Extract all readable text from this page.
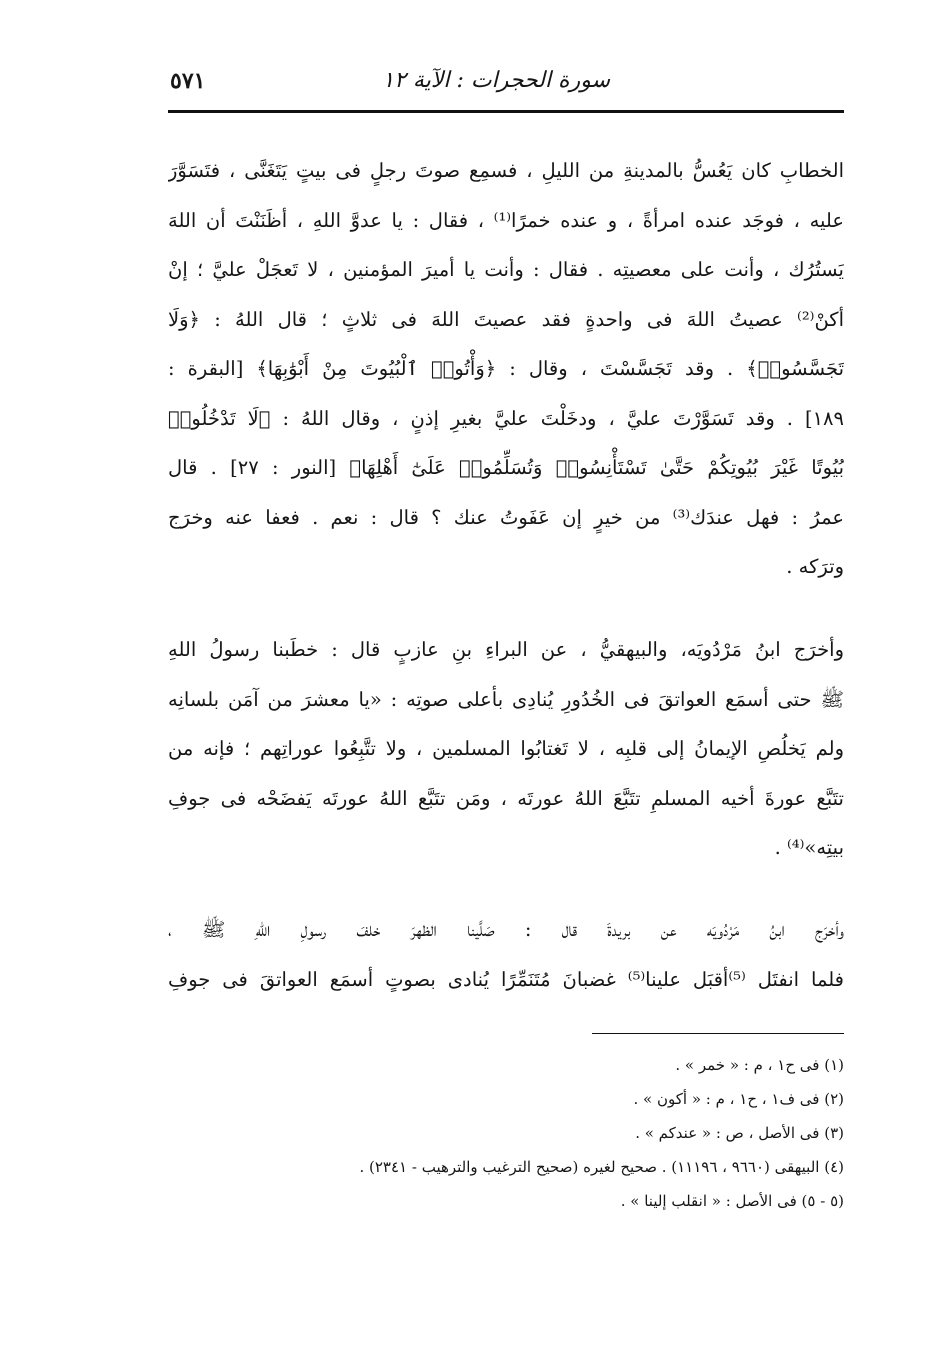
سورة الحجرات : الآية ١٢
٥٧١
الخطابِ كان يَعُسُّ بالمدينةِ من الليلِ ، فسمِع صوتَ رجلٍ فى بيتٍ يَتَغَنَّى ، فتَسَوَّرَ
عليه ، فوجَد عنده امرأةً ، و عنده خمرًا⁽¹⁾ ، فقال : يا عدوَّ اللهِ ، أظَنَنْتَ أن اللهَ
يَستُرُك ، وأنت على معصيتِه . فقال : وأنت يا أميرَ المؤمنين ، لا تَعجَلْ عليَّ ؛ إنْ
أكنْ⁽²⁾ عصيتُ اللهَ فى واحدةٍ فقد عصيتَ اللهَ فى ثلاثٍ ؛ قال اللهُ : ﴿وَلَا
تَجَسَّسُوا۟﴾ . وقد تَجَسَّسْتَ ، وقال : ﴿وَأْتُوا۟ ٱلْبُيُوتَ مِنْ أَبْوَٰبِهَا﴾ [البقرة :
١٨٩] . وقد تَسَوَّرْتَ عليَّ ، ودخَلْتَ عليَّ بغيرِ إذنٍ ، وقال اللهُ : ﴿لَا تَدْخُلُوا۟
بُيُوتًا غَيْرَ بُيُوتِكُمْ حَتَّىٰ تَسْتَأْنِسُوا۟ وَتُسَلِّمُوا۟ عَلَىٰٓ أَهْلِهَا﴾ [النور : ٢٧] . قال
عمرُ : فهل عندَك⁽³⁾ من خيرٍ إن عَفَوتُ عنك ؟ قال : نعم . فعفا عنه وخرَج
وترَكه .
وأخرَج ابنُ مَرْدُويَه، والبيهقيُّ ، عن البراءِ بنِ عازبٍ قال : خطَبنا رسولُ اللهِ
ﷺ حتى أسمَع العواتقَ فى الخُدُورِ يُنادِى بأعلى صوتِه : «يا معشرَ من آمَن بلسانِه
ولم يَخلُصِ الإيمانُ إلى قلبِه ، لا تَغتابُوا المسلمين ، ولا تتَّبِعُوا عوراتِهم ؛ فإنه من
تتَبَّع عورةَ أخيه المسلمِ تتَبَّعَ اللهُ عورتَه ، ومَن تتَبَّع اللهُ عورتَه يَفضَحْه فى جوفِ
بيتِه»⁽⁴⁾ .
وأخرَج ابنُ مَرْدُويَه عن بريدةَ قال : صَلَّينا الظهرَ خلفَ رسولِ اللهِ ﷺ ،
فلما انفتَل ⁽⁵⁾أقبَل علينا⁽⁵⁾ غضبانَ مُتَنَمِّرًا يُنادى بصوتٍ أسمَع العواتقَ فى جوفِ
(١) فى ح١ ، م : « خمر » .
(٢) فى ف١ ، ح١ ، م : « أكون » .
(٣) فى الأصل ، ص : « عندكم » .
(٤) البيهقى (٩٦٦٠ ، ١١١٩٦) . صحيح لغيره (صحيح الترغيب والترهيب - ٢٣٤١) .
(٥ - ٥) فى الأصل : « انقلب إلينا » .
